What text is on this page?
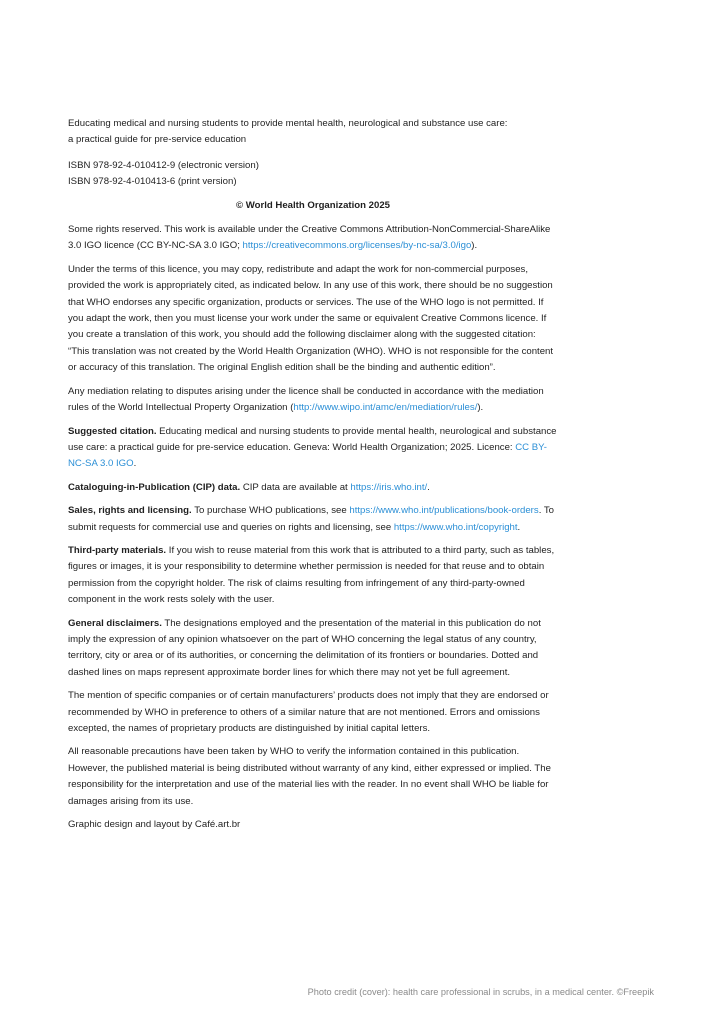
Educating medical and nursing students to provide mental health, neurological and substance use care:
a practical guide for pre-service education

ISBN 978-92-4-010412-9 (electronic version)
ISBN 978-92-4-010413-6 (print version)

© World Health Organization 2025

Some rights reserved. This work is available under the Creative Commons Attribution-NonCommercial-ShareAlike 3.0 IGO licence (CC BY-NC-SA 3.0 IGO; https://creativecommons.org/licenses/by-nc-sa/3.0/igo).

Under the terms of this licence, you may copy, redistribute and adapt the work for non-commercial purposes, provided the work is appropriately cited, as indicated below. In any use of this work, there should be no suggestion that WHO endorses any specific organization, products or services. The use of the WHO logo is not permitted. If you adapt the work, then you must license your work under the same or equivalent Creative Commons licence. If you create a translation of this work, you should add the following disclaimer along with the suggested citation: “This translation was not created by the World Health Organization (WHO). WHO is not responsible for the content or accuracy of this translation. The original English edition shall be the binding and authentic edition”.

Any mediation relating to disputes arising under the licence shall be conducted in accordance with the mediation rules of the World Intellectual Property Organization (http://www.wipo.int/amc/en/mediation/rules/).

Suggested citation. Educating medical and nursing students to provide mental health, neurological and substance use care: a practical guide for pre-service education. Geneva: World Health Organization; 2025. Licence: CC BY-NC-SA 3.0 IGO.

Cataloguing-in-Publication (CIP) data. CIP data are available at https://iris.who.int/.

Sales, rights and licensing. To purchase WHO publications, see https://www.who.int/publications/book-orders. To submit requests for commercial use and queries on rights and licensing, see https://www.who.int/copyright.

Third-party materials. If you wish to reuse material from this work that is attributed to a third party, such as tables, figures or images, it is your responsibility to determine whether permission is needed for that reuse and to obtain permission from the copyright holder. The risk of claims resulting from infringement of any third-party-owned component in the work rests solely with the user.

General disclaimers. The designations employed and the presentation of the material in this publication do not imply the expression of any opinion whatsoever on the part of WHO concerning the legal status of any country, territory, city or area or of its authorities, or concerning the delimitation of its frontiers or boundaries. Dotted and dashed lines on maps represent approximate border lines for which there may not yet be full agreement.

The mention of specific companies or of certain manufacturers’ products does not imply that they are endorsed or recommended by WHO in preference to others of a similar nature that are not mentioned. Errors and omissions excepted, the names of proprietary products are distinguished by initial capital letters.

All reasonable precautions have been taken by WHO to verify the information contained in this publication. However, the published material is being distributed without warranty of any kind, either expressed or implied. The responsibility for the interpretation and use of the material lies with the reader. In no event shall WHO be liable for damages arising from its use.

Graphic design and layout by Café.art.br

Photo credit (cover): health care professional in scrubs, in a medical center. ©Freepik
